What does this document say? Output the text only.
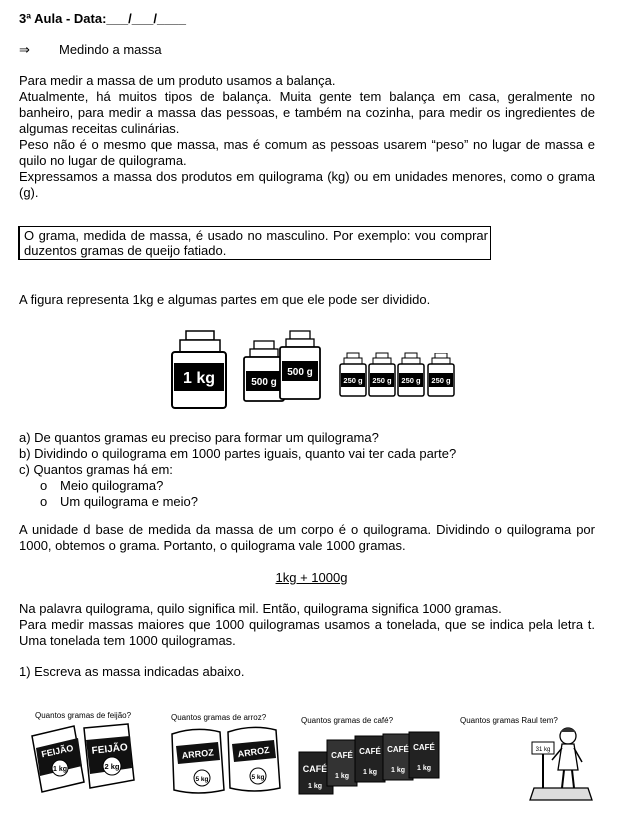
3ª Aula - Data:___/___/____
⇒ Medindo a massa
Para medir a massa de um produto usamos a balança.
Atualmente, há muitos tipos de balança. Muita gente tem balança em casa, geralmente no banheiro, para medir a massa das pessoas, e também na cozinha, para medir os ingredientes de algumas receitas culinárias.
Peso não é o mesmo que massa, mas é comum as pessoas usarem “peso” no lugar de massa e quilo no lugar de quilograma.
Expressamos a massa dos produtos em quilograma (kg) ou em unidades menores, como o grama (g).
O grama, medida de massa, é usado no masculino. Por exemplo: vou comprar duzentos gramas de queijo fatiado.
A figura representa 1kg e algumas partes em que ele pode ser dividido.
1 kg	500 g
500 g
250 g 250 g 250 g 250 g
a) De quantos gramas eu preciso para formar um quilograma?
b) Dividindo o quilograma em 1000 partes iguais, quanto vai ter cada parte?
c) Quantos gramas há em:
o Meio quilograma?
o Um quilograma e meio?
A unidade d base de medida da massa de um corpo é o quilograma. Dividindo o quilograma por 1000, obtemos o grama. Portanto, o quilograma vale 1000 gramas.
1kg + 1000g
Na palavra quilograma, quilo significa mil. Então, quilograma significa 1000 gramas.
Para medir massas maiores que 1000 quilogramas usamos a tonelada, que se indica pela letra t. Uma tonelada tem 1000 quilogramas.
1) Escreva as massa indicadas abaixo.
Quantos gramas de feijão?
FEIJÃO
1 kg
FEIJÃO
2 kg
Quantos gramas de arroz?
ARROZ
5 kg
ARROZ
5 kg
Quantos gramas de café?
CAFÉ
1 kg
CAFÉ
1 kg
CAFÉ
1 kg
CAFÉ
1 kg
CAFÉ
1 kg
Quantos gramas Raul tem?
31 kg
